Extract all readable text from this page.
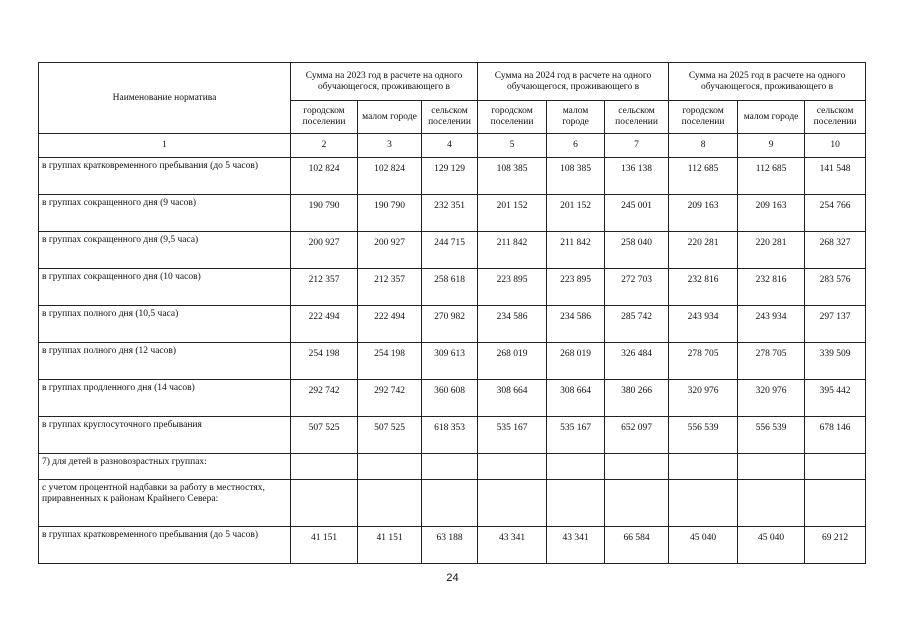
Наименование норматива	Сумма на 2023 год в расчете на одного обучающегося, проживающего в			Сумма на 2024 год в расчете на одного обучающегося, проживающего в			Сумма на 2025 год в расчете на одного обучающегося, проживающего в		
	городском поселении	малом городе	сельском поселении	городском поселении	малом городе	сельском поселении	городском поселении	малом городе	сельском поселении
1	2	3	4	5	6	7	8	9	10
в группах кратковременного пребывания (до 5 часов)	102 824	102 824	129 129	108 385	108 385	136 138	112 685	112 685	141 548
в группах сокращенного дня (9 часов)	190 790	190 790	232 351	201 152	201 152	245 001	209 163	209 163	254 766
в группах сокращенного дня (9,5 часа)	200 927	200 927	244 715	211 842	211 842	258 040	220 281	220 281	268 327
в группах сокращенного дня (10 часов)	212 357	212 357	258 618	223 895	223 895	272 703	232 816	232 816	283 576
в группах полного дня (10,5 часа)	222 494	222 494	270 982	234 586	234 586	285 742	243 934	243 934	297 137
в группах полного дня (12 часов)	254 198	254 198	309 613	268 019	268 019	326 484	278 705	278 705	339 509
в группах продленного дня (14 часов)	292 742	292 742	360 608	308 664	308 664	380 266	320 976	320 976	395 442
в группах круглосуточного пребывания	507 525	507 525	618 353	535 167	535 167	652 097	556 539	556 539	678 146
7) для детей в разновозрастных группах:									
с учетом процентной надбавки за работу в местностях, приравненных к районам Крайнего Севера:									
в группах кратковременного пребывания (до 5 часов)	41 151	41 151	63 188	43 341	43 341	66 584	45 040	45 040	69 212
24
